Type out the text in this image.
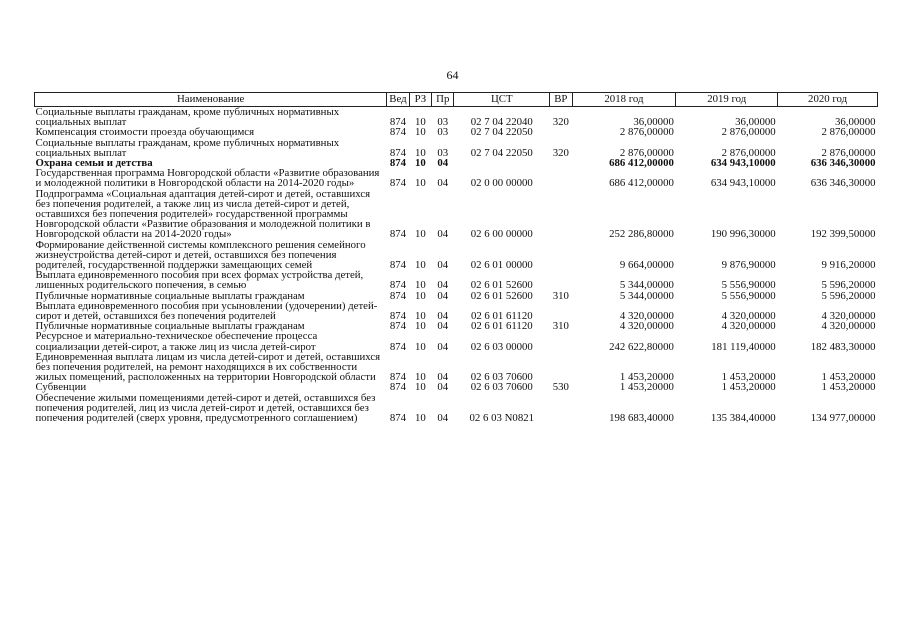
64
Наименование	Вед	РЗ	Пр	ЦСТ	ВР	2018 год	2019 год	2020 год
Социальные выплаты гражданам, кроме публичных нормативных социальных выплат	874	10	03	02 7 04 22040	320	36,00000	36,00000	36,00000
Компенсация стоимости проезда обучающимся	874	10	03	02 7 04 22050		2 876,00000	2 876,00000	2 876,00000
Социальные выплаты гражданам, кроме публичных нормативных социальных выплат	874	10	03	02 7 04 22050	320	2 876,00000	2 876,00000	2 876,00000
Охрана семьи и детства	874	10	04			686 412,00000	634 943,10000	636 346,30000
Государственная программа Новгородской области «Развитие образования и молодежной политики в Новгородской области на 2014-2020 годы»	874	10	04	02 0 00 00000		686 412,00000	634 943,10000	636 346,30000
Подпрограмма «Социальная адаптация детей-сирот и детей, оставшихся без попечения родителей, а также лиц из числа детей-сирот и детей, оставшихся без попечения родителей» государственной программы Новгородской области «Развитие образования и молодежной политики в Новгородской области на 2014-2020 годы»	874	10	04	02 6 00 00000		252 286,80000	190 996,30000	192 399,50000
Формирование действенной системы комплексного решения семейного жизнеустройства детей-сирот и детей, оставшихся без попечения родителей, государственной поддержки замещающих семей	874	10	04	02 6 01 00000		9 664,00000	9 876,90000	9 916,20000
Выплата единовременного пособия при всех формах устройства детей, лишенных родительского попечения, в семью	874	10	04	02 6 01 52600		5 344,00000	5 556,90000	5 596,20000
Публичные нормативные социальные выплаты гражданам	874	10	04	02 6 01 52600	310	5 344,00000	5 556,90000	5 596,20000
Выплата единовременного пособия при усыновлении (удочерении) детей-сирот и детей, оставшихся без попечения родителей	874	10	04	02 6 01 61120		4 320,00000	4 320,00000	4 320,00000
Публичные нормативные социальные выплаты гражданам	874	10	04	02 6 01 61120	310	4 320,00000	4 320,00000	4 320,00000
Ресурсное и материально-техническое обеспечение процесса социализации детей-сирот, а также лиц из числа детей-сирот	874	10	04	02 6 03 00000		242 622,80000	181 119,40000	182 483,30000
Единовременная выплата лицам из числа детей-сирот и детей, оставшихся без попечения родителей, на ремонт находящихся в их собственности жилых помещений, расположенных на территории Новгородской области	874	10	04	02 6 03 70600		1 453,20000	1 453,20000	1 453,20000
Субвенции	874	10	04	02 6 03 70600	530	1 453,20000	1 453,20000	1 453,20000
Обеспечение жилыми помещениями детей-сирот и детей, оставшихся без попечения родителей, лиц из числа детей-сирот и детей, оставшихся без попечения родителей (сверх уровня, предусмотренного соглашением)	874	10	04	02 6 03 N0821		198 683,40000	135 384,40000	134 977,00000
